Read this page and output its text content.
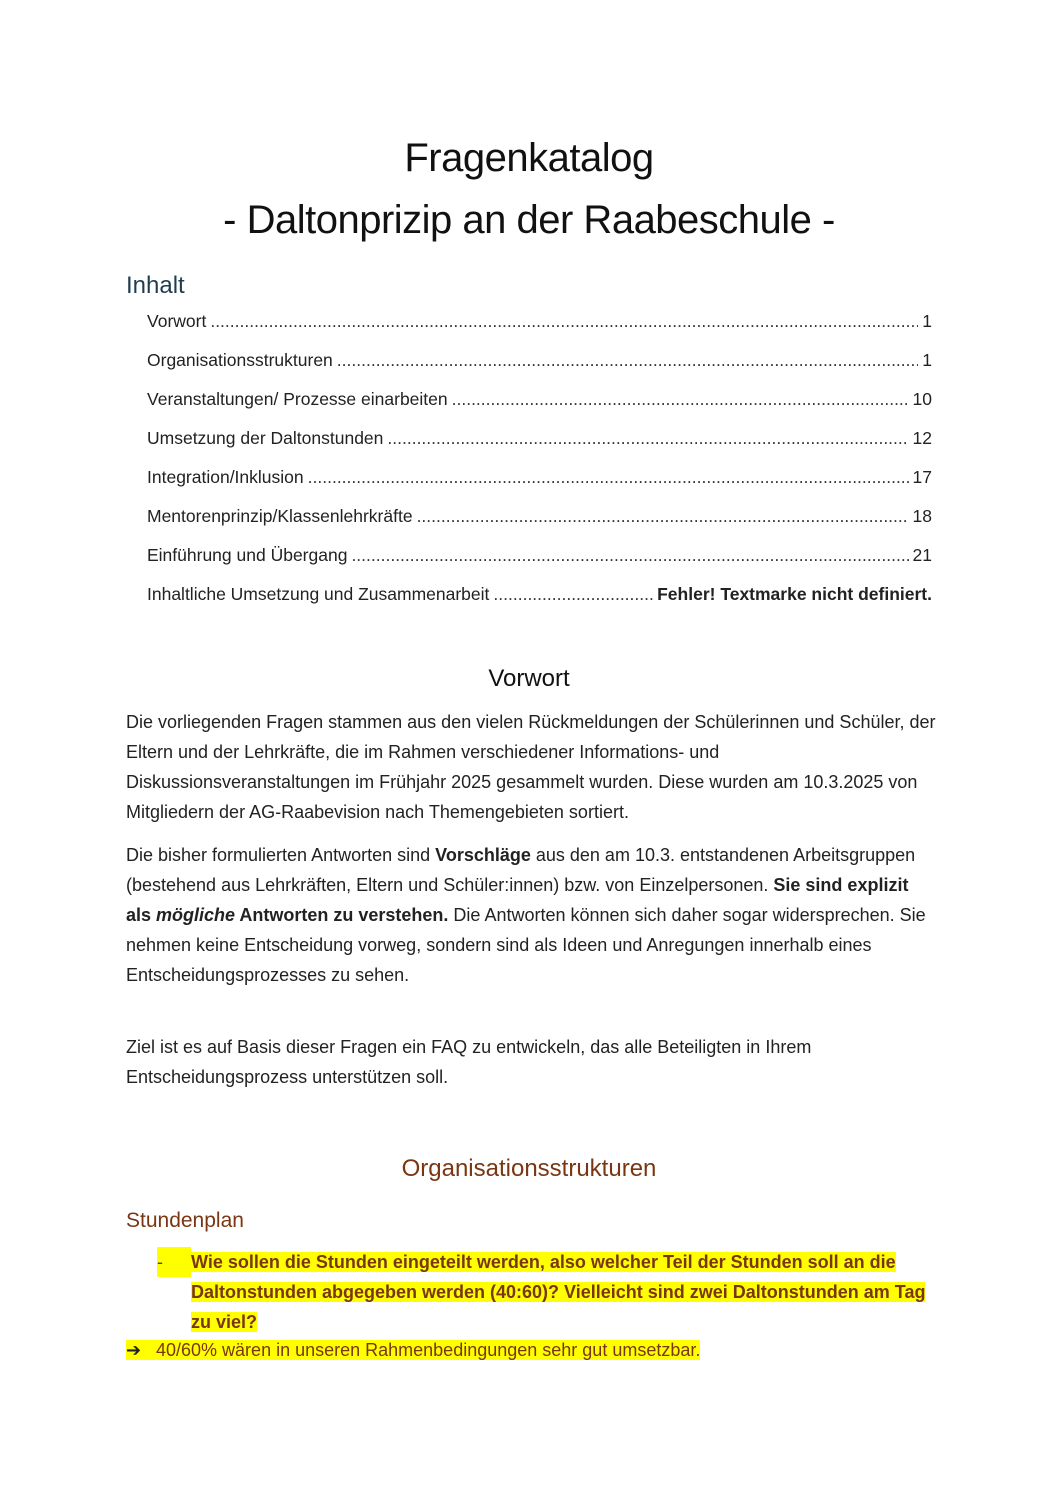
Fragenkatalog
- Daltonprizip an der Raabeschule -
Inhalt
Vorwort .....	1
Organisationsstrukturen .....	1
Veranstaltungen/ Prozesse einarbeiten .....	10
Umsetzung der Daltonstunden .....	12
Integration/Inklusion .....	17
Mentorenprinzip/Klassenlehrkräfte .....	18
Einführung und Übergang .....	21
Inhaltliche Umsetzung und Zusammenarbeit .....	Fehler! Textmarke nicht definiert.
Vorwort
Die vorliegenden Fragen stammen aus den vielen Rückmeldungen der Schülerinnen und Schüler, der Eltern und der Lehrkräfte, die im Rahmen verschiedener Informations- und Diskussionsveranstaltungen im Frühjahr 2025 gesammelt wurden. Diese wurden am 10.3.2025 von Mitgliedern der AG-Raabevision nach Themengebieten sortiert.
Die bisher formulierten Antworten sind Vorschläge aus den am 10.3. entstandenen Arbeitsgruppen (bestehend aus Lehrkräften, Eltern und Schüler:innen) bzw. von Einzelpersonen. Sie sind explizit als mögliche Antworten zu verstehen. Die Antworten können sich daher sogar widersprechen. Sie nehmen keine Entscheidung vorweg, sondern sind als Ideen und Anregungen innerhalb eines Entscheidungsprozesses zu sehen.
Ziel ist es auf Basis dieser Fragen ein FAQ zu entwickeln, das alle Beteiligten in Ihrem Entscheidungsprozess unterstützen soll.
Organisationsstrukturen
Stundenplan
-	Wie sollen die Stunden eingeteilt werden, also welcher Teil der Stunden soll an die Daltonstunden abgegeben werden (40:60)? Vielleicht sind zwei Daltonstunden am Tag zu viel?
➔ 40/60% wären in unseren Rahmenbedingungen sehr gut umsetzbar.
